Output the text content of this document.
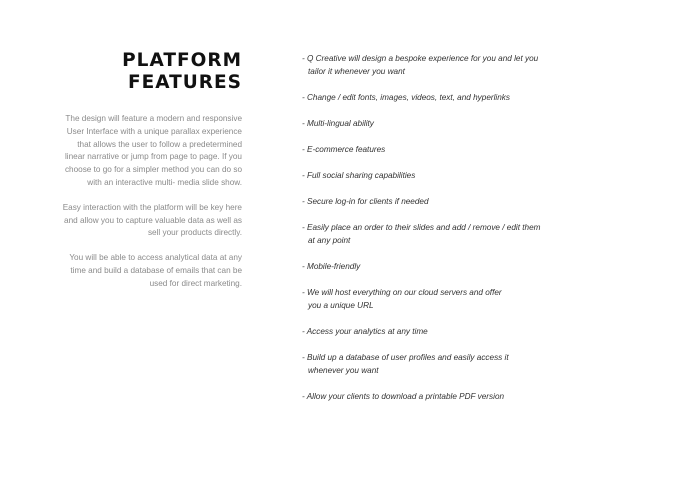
PLATFORM
FEATURES

The design will feature a modern and responsive User Interface with a unique parallax experience that allows the user to follow a predetermined linear narrative or jump from page to page. If you choose to go for a simpler method you can do so with an interactive multi- media slide show.

Easy interaction with the platform will be key here and allow you to capture valuable data as well as sell your products directly.

You will be able to access analytical data at any time and build a database of emails that can be used for direct marketing.

- Q Creative will design a bespoke experience for you and let you
tailor it whenever you want
- Change / edit fonts, images, videos, text, and hyperlinks
- Multi-lingual ability
- E-commerce features
- Full social sharing capabilities
- Secure log-in for clients if needed
- Easily place an order to their slides and add / remove / edit them
at any point
- Mobile-friendly
- We will host everything on our cloud servers and offer
you a unique URL
- Access your analytics at any time
- Build up a database of user profiles and easily access it
whenever you want
- Allow your clients to download a printable PDF version
